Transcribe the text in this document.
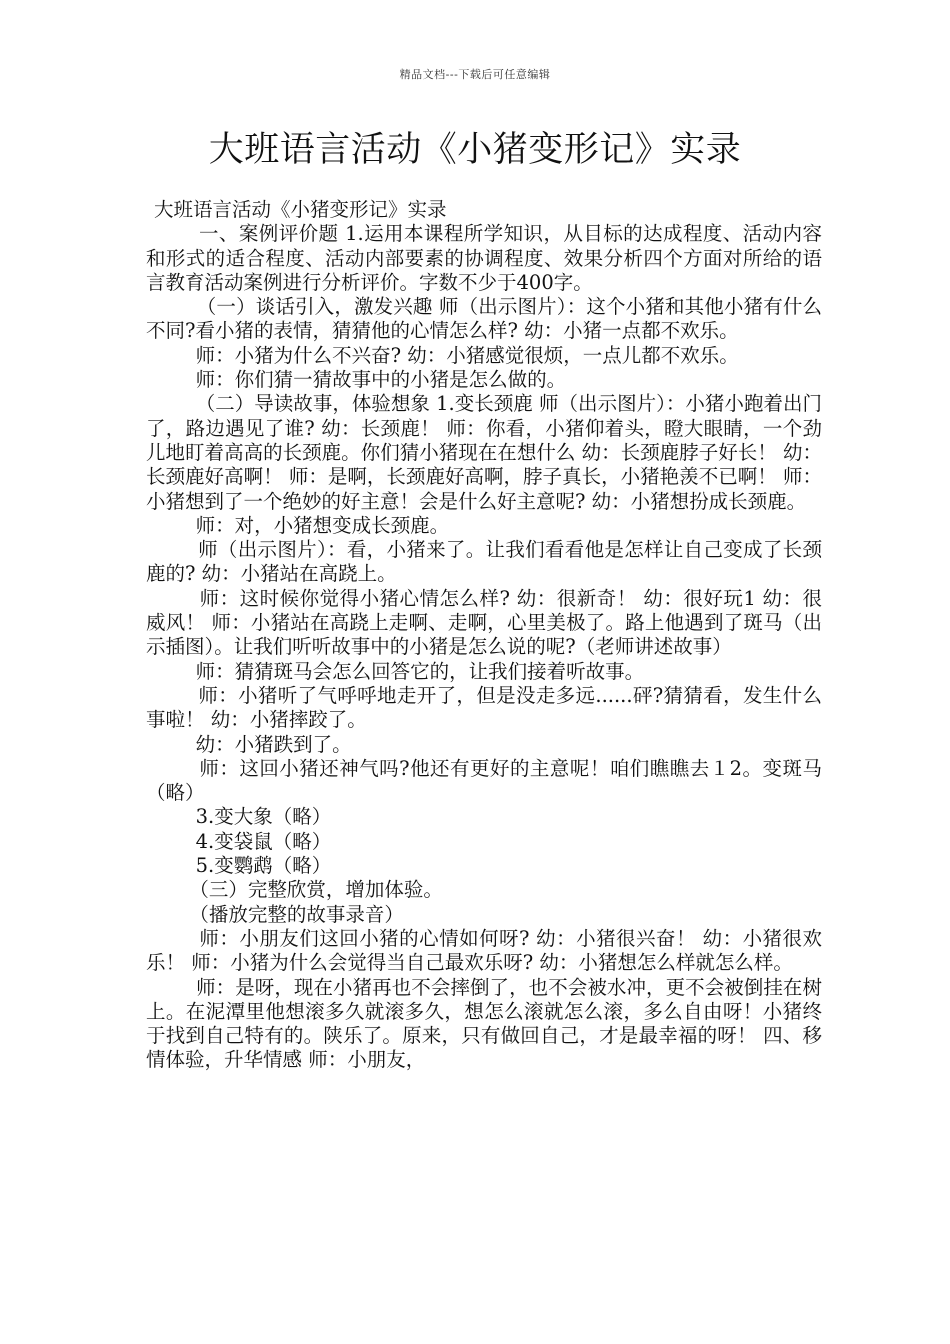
精品文档---下载后可任意编辑
大班语言活动《小猪变形记》实录

大班语言活动《小猪变形记》实录

一、案例评价题 1.运用本课程所学知识，从目标的达成程度、活动内容和形式的适合程度、活动内部要素的协调程度、效果分析四个方面对所给的语言教育活动案例进行分析评价。字数不少于400字。

（一）谈话引入，激发兴趣 师（出示图片）：这个小猪和其他小猪有什么不同?看小猪的表情，猜猜他的心情怎么样? 幼：小猪一点都不欢乐。

师：小猪为什么不兴奋? 幼：小猪感觉很烦，一点儿都不欢乐。

师：你们猜一猜故事中的小猪是怎么做的。

（二）导读故事，体验想象 1.变长颈鹿 师（出示图片）：小猪小跑着出门了，路边遇见了谁? 幼：长颈鹿！ 师：你看，小猪仰着头，瞪大眼睛，一个劲儿地盯着高高的长颈鹿。你们猜小猪现在在想什么 幼：长颈鹿脖子好长！ 幼：长颈鹿好高啊！ 师：是啊，长颈鹿好高啊，脖子真长，小猪艳羡不已啊！ 师：小猪想到了一个绝妙的好主意！会是什么好主意呢? 幼：小猪想扮成长颈鹿。

师：对，小猪想变成长颈鹿。

师（出示图片）：看，小猪来了。让我们看看他是怎样让自己变成了长颈鹿的? 幼：小猪站在高跷上。

师：这时候你觉得小猪心情怎么样? 幼：很新奇！ 幼：很好玩1 幼：很威风！ 师：小猪站在高跷上走啊、走啊，心里美极了。路上他遇到了斑马（出示插图）。让我们听听故事中的小猪是怎么说的呢?（老师讲述故事）

师：猜猜斑马会怎么回答它的，让我们接着听故事。

师：小猪听了气呼呼地走开了，但是没走多远......砰?猜猜看，发生什么事啦！ 幼：小猪摔跤了。

幼：小猪跌到了。

师：这回小猪还神气吗?他还有更好的主意呢！咱们瞧瞧去１2。变斑马（略）

3.变大象（略）

4.变袋鼠（略）

5.变鹦鹉（略）

（三）完整欣赏，增加体验。

（播放完整的故事录音）

师：小朋友们这回小猪的心情如何呀? 幼：小猪很兴奋！ 幼：小猪很欢乐！ 师：小猪为什么会觉得当自己最欢乐呀? 幼：小猪想怎么样就怎么样。

师：是呀，现在小猪再也不会摔倒了，也不会被水冲，更不会被倒挂在树上。在泥潭里他想滚多久就滚多久，想怎么滚就怎么滚，多么自由呀！小猪终于找到自己特有的。陕乐了。原来，只有做回自己，才是最幸福的呀！ 四、移情体验，升华情感 师：小朋友，
